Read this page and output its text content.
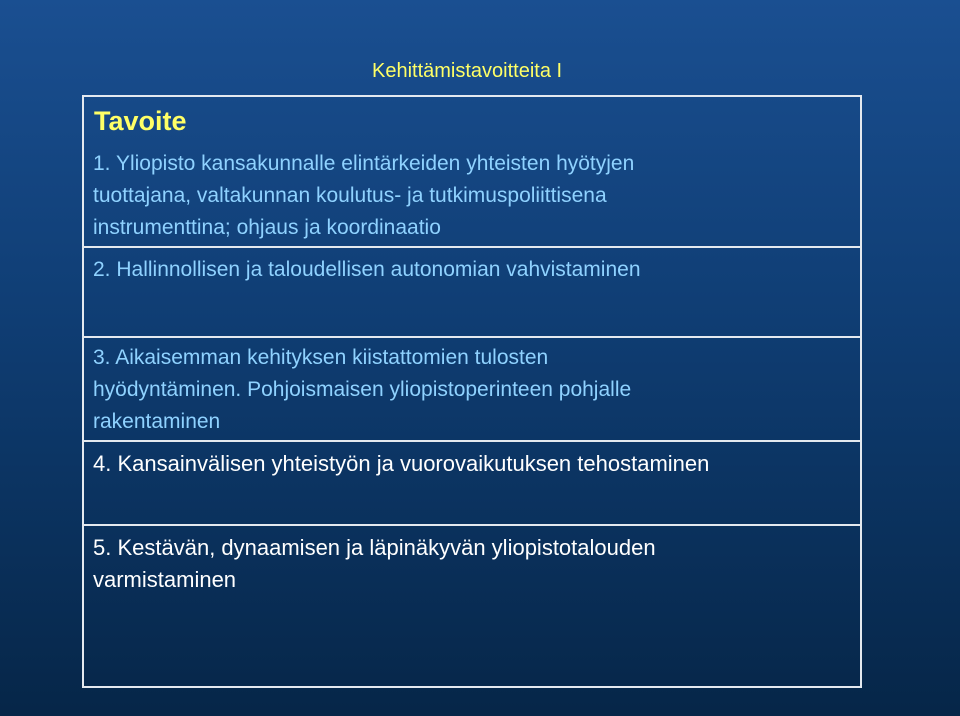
Kehittämistavoitteita I
Tavoite
1. Yliopisto kansakunnalle elintärkeiden yhteisten hyötyjen
tuottajana, valtakunnan koulutus- ja tutkimuspoliittisena
instrumenttina; ohjaus ja koordinaatio
2. Hallinnollisen ja taloudellisen autonomian vahvistaminen
3. Aikaisemman kehityksen kiistattomien tulosten
hyödyntäminen. Pohjoismaisen yliopistoperinteen pohjalle
rakentaminen
4. Kansainvälisen yhteistyön ja vuorovaikutuksen tehostaminen
5. Kestävän, dynaamisen ja läpinäkyvän yliopistotalouden
varmistaminen
